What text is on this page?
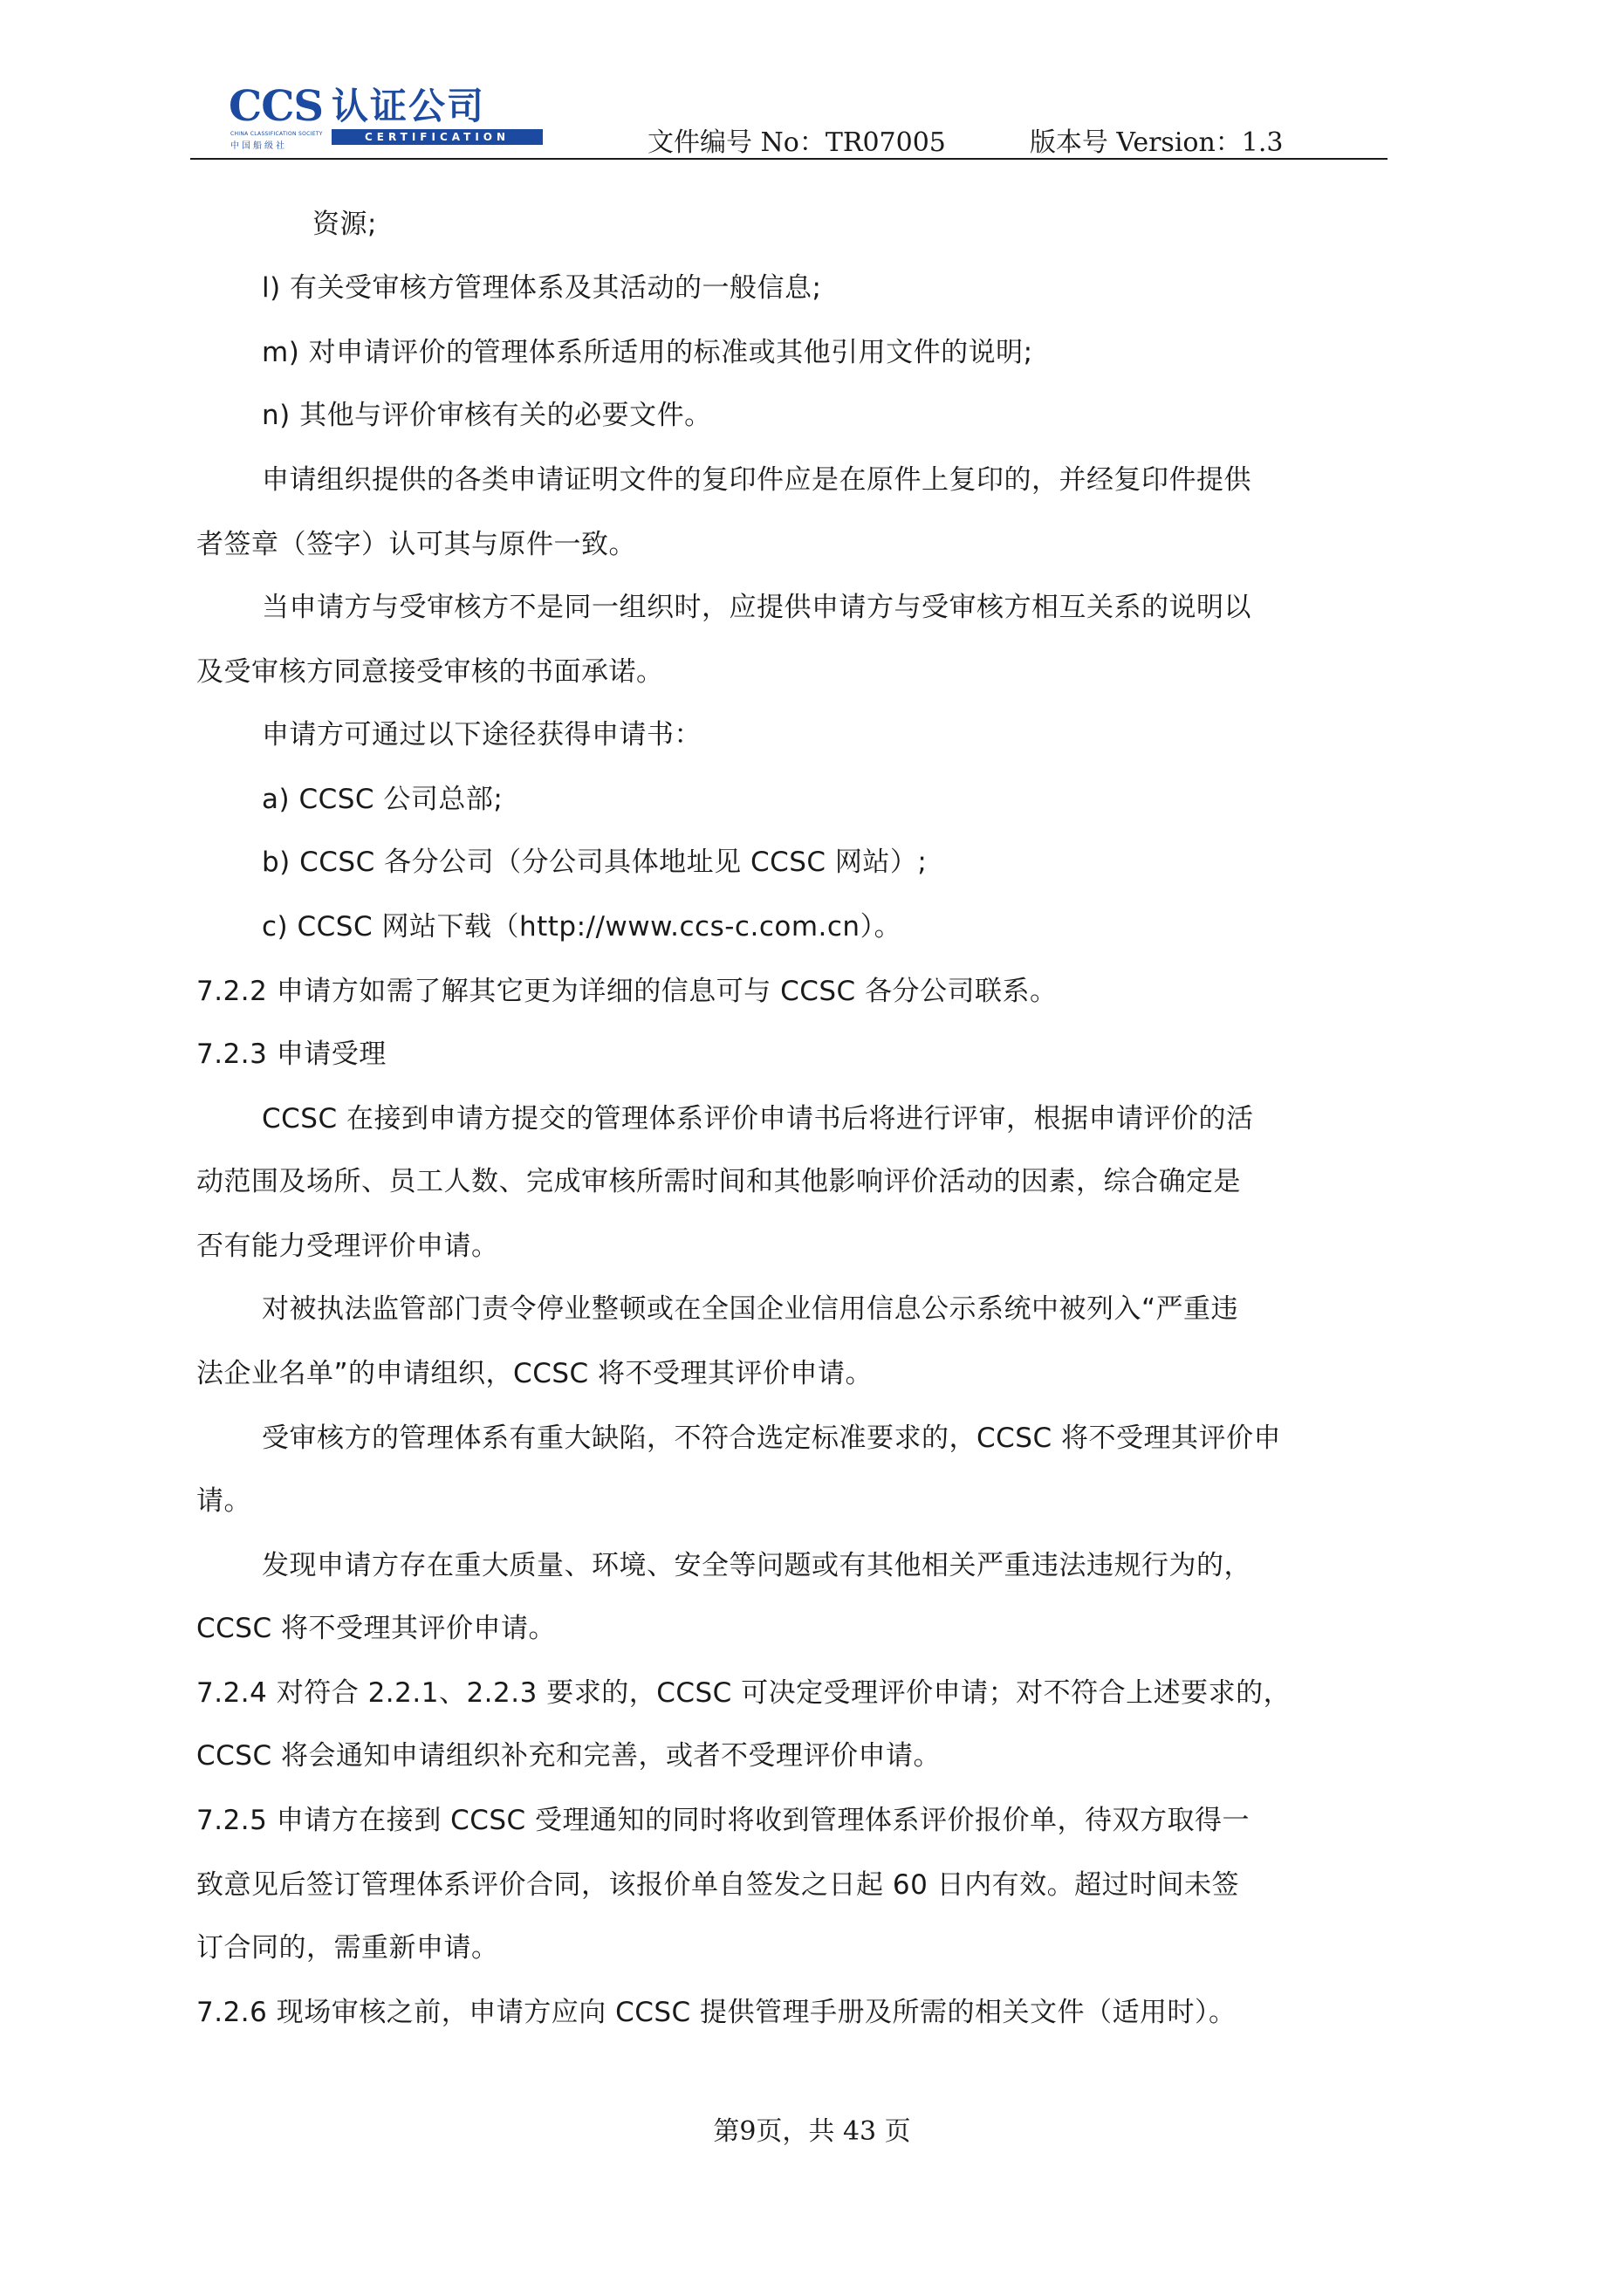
CCS 认证公司
CHINA CLASSIFICATION SOCIETY
中国船级社
CERTIFICATION	文件编号 No：TR07005	版本号 Version：1.3
资源;
l) 有关受审核方管理体系及其活动的一般信息;
m) 对申请评价的管理体系所适用的标准或其他引用文件的说明;
n) 其他与评价审核有关的必要文件。
申请组织提供的各类申请证明文件的复印件应是在原件上复印的，并经复印件提供
者签章（签字）认可其与原件一致。
当申请方与受审核方不是同一组织时，应提供申请方与受审核方相互关系的说明以
及受审核方同意接受审核的书面承诺。
申请方可通过以下途径获得申请书：
a) CCSC 公司总部;
b) CCSC 各分公司（分公司具体地址见 CCSC 网站）;
c) CCSC 网站下载（http://www.ccs-c.com.cn）。
7.2.2 申请方如需了解其它更为详细的信息可与 CCSC 各分公司联系。
7.2.3 申请受理
CCSC 在接到申请方提交的管理体系评价申请书后将进行评审，根据申请评价的活
动范围及场所、员工人数、完成审核所需时间和其他影响评价活动的因素，综合确定是
否有能力受理评价申请。
对被执法监管部门责令停业整顿或在全国企业信用信息公示系统中被列入“严重违
法企业名单”的申请组织，CCSC 将不受理其评价申请。
受审核方的管理体系有重大缺陷，不符合选定标准要求的，CCSC 将不受理其评价申
请。
发现申请方存在重大质量、环境、安全等问题或有其他相关严重违法违规行为的，
CCSC 将不受理其评价申请。
7.2.4 对符合 2.2.1、2.2.3 要求的，CCSC 可决定受理评价申请；对不符合上述要求的，
CCSC 将会通知申请组织补充和完善，或者不受理评价申请。
7.2.5 申请方在接到 CCSC 受理通知的同时将收到管理体系评价报价单，待双方取得一
致意见后签订管理体系评价合同，该报价单自签发之日起 60 日内有效。超过时间未签
订合同的，需重新申请。
7.2.6 现场审核之前，申请方应向 CCSC 提供管理手册及所需的相关文件（适用时）。
第9页，共 43 页
